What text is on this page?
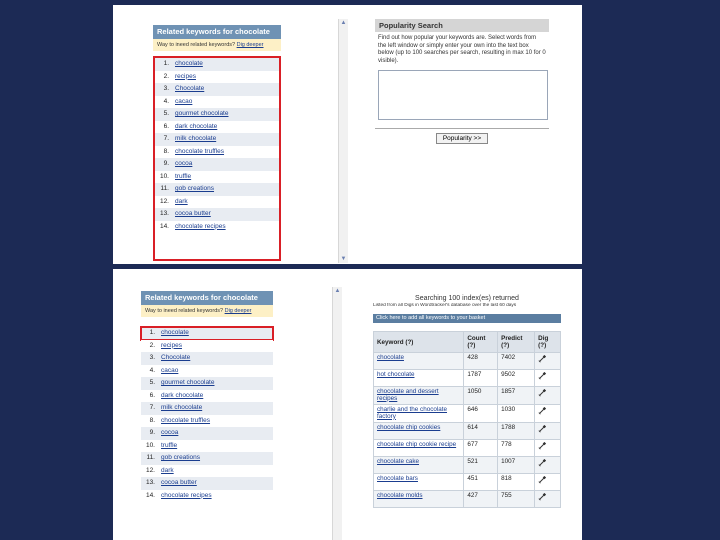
Related keywords for chocolate
Way to ineed related keywords? Dig deeper
1. chocolate
2. recipes
3. Chocolate
4. cacao
5. gourmet chocolate
6. dark chocolate
7. milk chocolate
8. chocolate truffles
9. cocoa
10. truffle
11. gob creations
12. dark
13. cocoa butter
14. chocolate recipes
▲
▼
Popularity Search
Find out how popular your keywords are. Select words from the left window or simply enter your own into the text box below (up to 100 searches per search, resulting in max 10 for 0 visible).
Popularity >>
Related keywords for chocolate
Way to ineed related keywords? Dig deeper
1. chocolate
2. recipes
3. Chocolate
4. cacao
5. gourmet chocolate
6. dark chocolate
7. milk chocolate
8. chocolate truffles
9. cocoa
10. truffle
11. gob creations
12. dark
13. cocoa butter
14. chocolate recipes
▲
Searching 100 index(es) returned
Listed from all Digs in Wordtracker's database over the last 60 days
Click here to add all keywords to your basket
Keyword (?)	Count (?)	Predict (?)	Dig (?)
chocolate	428	7402	
hot chocolate	1787	9502	
chocolate and dessert recipes	1050	1857	
charlie and the chocolate factory	646	1030	
chocolate chip cookies	614	1788	
chocolate chip cookie recipe	677	778	
chocolate cake	521	1007	
chocolate bars	451	818	
chocolate molds	427	755	
